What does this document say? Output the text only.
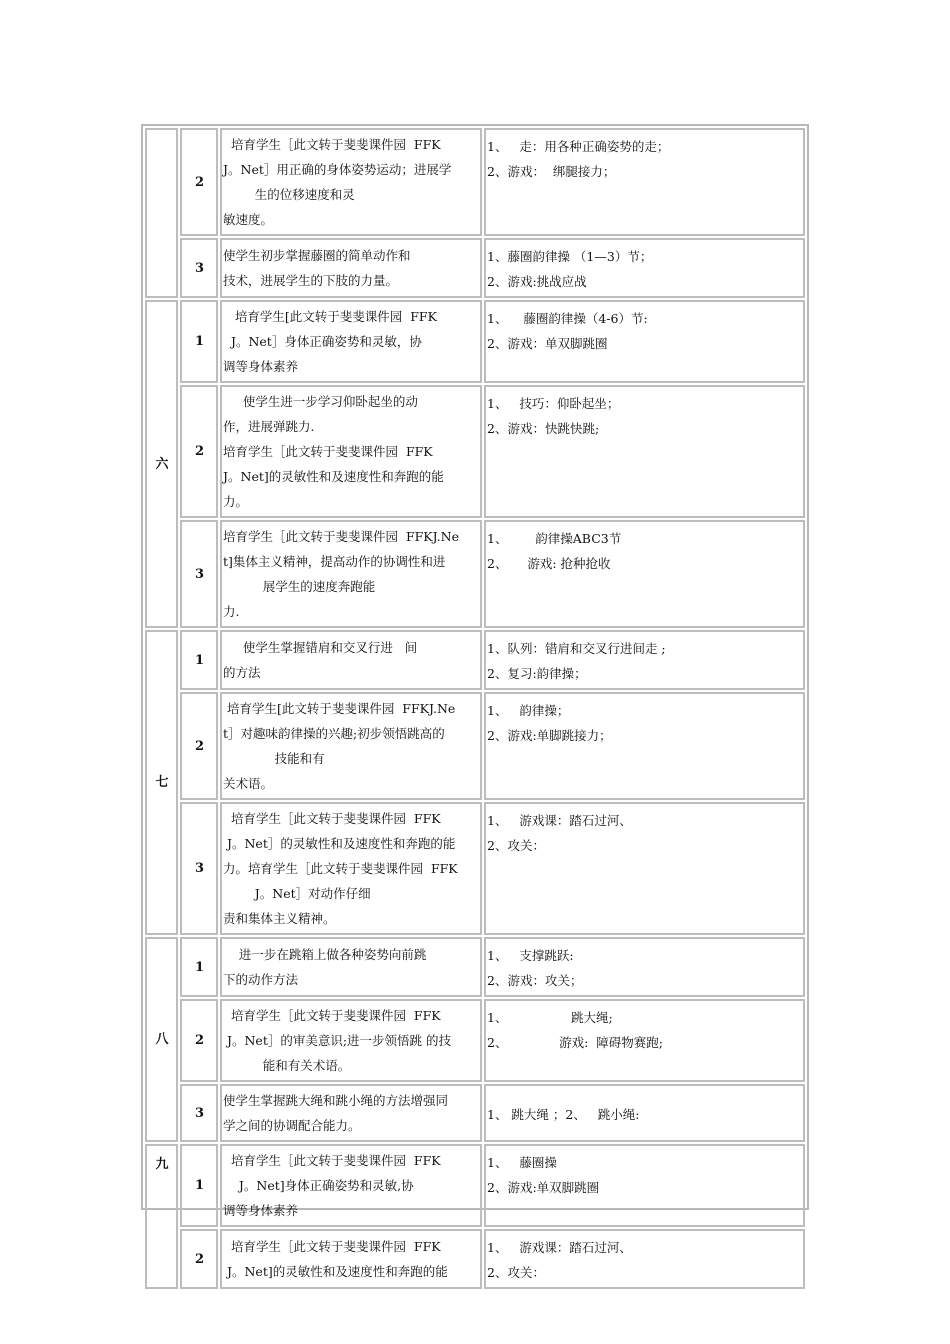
	2	培育学生［此文转于斐斐课件园  FFK
J。Net］用正确的身体姿势运动；进展学
生的位移速度和灵
敏速度。	1、   走：用各种正确姿势的走；
2、游戏：  绑腿接力；

	3	使学生初步掌握藤圈的简单动作和
技术，进展学生的下肢的力量。	1、藤圈韵律操 （1—3）节；
2、游戏:挑战应战

六	1	培育学生[此文转于斐斐课件园  FFK
J。Net］身体正确姿势和灵敏，协
调等身体素养	1、    藤圈韵律操（4-6）节:
2、游戏：单双脚跳圈

	2	使学生进一步学习仰卧起坐的动
作，进展弹跳力.
培育学生［此文转于斐斐课件园  FFK
J。Net]的灵敏性和及速度性和奔跑的能
力。	1、   技巧：仰卧起坐；
2、游戏：快跳快跳;

	3	培育学生［此文转于斐斐课件园  FFKJ.Ne
t]集体主义精神，提高动作的协调性和进
展学生的速度奔跑能
力.	1、       韵律操ABC3节
2、     游戏: 抢种抢收

七	1	使学生掌握错肩和交叉行进   间
的方法	1、队列：错肩和交叉行进间走 ;
2、复习:韵律操；

	2	培育学生[此文转于斐斐课件园  FFKJ.Ne
t］对趣味韵律操的兴趣;初步领悟跳高的
技能和有
关术语。	1、   韵律操；
2、游戏:单脚跳接力；

	3	培育学生［此文转于斐斐课件园  FFK
J。Net］的灵敏性和及速度性和奔跑的能
力。培育学生［此文转于斐斐课件园  FFK
J。Net］对动作仔细
责和集体主义精神。	1、   游戏课：踏石过河、
2、攻关：

八	1	进一步在跳箱上做各种姿势向前跳
下的动作方法	1、   支撑跳跃:
2、游戏：攻关；

	2	培育学生［此文转于斐斐课件园  FFK
J。Net］的审美意识;进一步领悟跳 的技
能和有关术语。	1、                跳大绳;
2、             游戏:  障碍物赛跑;

	3	使学生掌握跳大绳和跳小绳的方法增强同
学之间的协调配合能力。	1、 跳大绳 ；2、   跳小绳:

九	1	培育学生［此文转于斐斐课件园  FFK
J。Net]身体正确姿势和灵敏,协
调等身体素养	1、   藤圈操
2、游戏:单双脚跳圈

	2	培育学生［此文转于斐斐课件园  FFK
J。Net]的灵敏性和及速度性和奔跑的能	1、   游戏课：踏石过河、
2、攻关：
